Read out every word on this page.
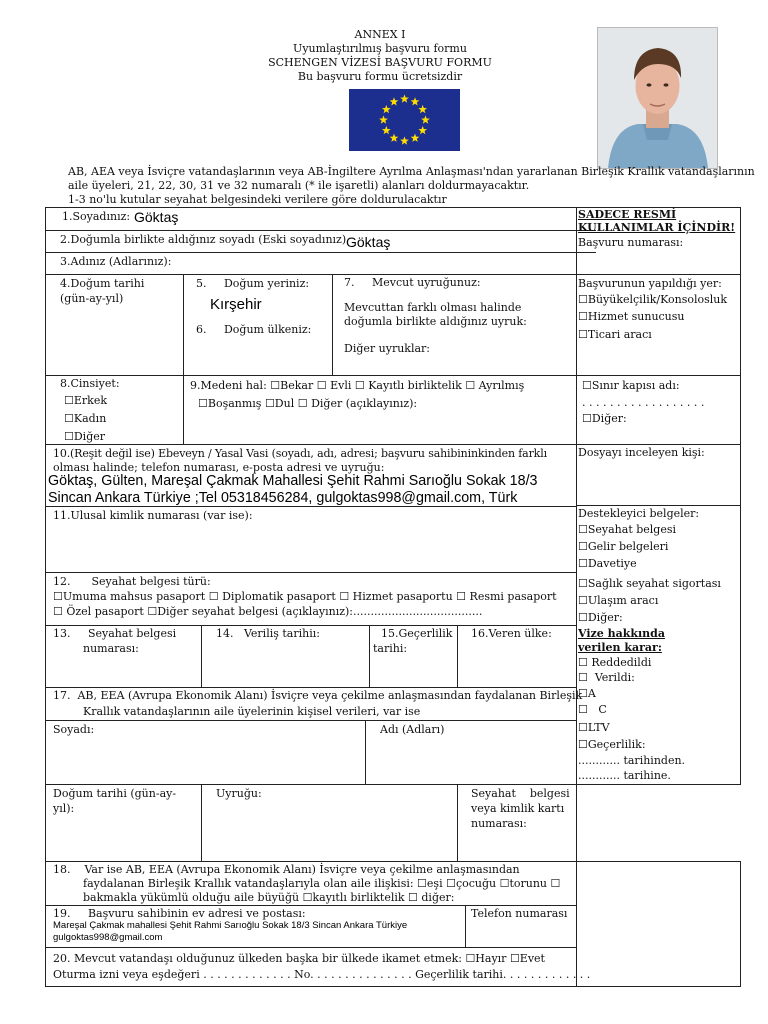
ANNEX I
Uyumlaştırılmış başvuru formu
SCHENGEN VİZESİ BAŞVURU FORMU
Bu başvuru formu ücretsizdir
AB, AEA veya İsviçre vatandaşlarının veya AB-İngiltere Ayrılma Anlaşması'ndan yararlanan Birleşik Krallık vatandaşlarının
aile üyeleri, 21, 22, 30, 31 ve 32 numaralı (* ile işaretli) alanları doldurmayacaktır.
1-3 no'lu kutular seyahat belgesindeki verilere göre doldurulacaktır
1.Soyadınız: Göktaş
2.Doğumla birlikte aldığınız soyadı (Eski soyadınız) Göktaş
3.Adınız (Adlarınız):
4.Doğum tarihi
(gün-ay-yıl)
5.     Doğum yeriniz:
Kırşehir
6.     Doğum ülkeniz:
7.     Mevcut uyruğunuz:
Mevcuttan farklı olması halinde
doğumla birlikte aldığınız uyruk:
Diğer uyruklar:
8.Cinsiyet:
☐Erkek
☐Kadın
☐Diğer
9.Medeni hal: ☐Bekar ☐ Evli ☐ Kayıtlı birliktelik ☐ Ayrılmış
☐Boşanmış ☐Dul ☐ Diğer (açıklayınız):
10.(Reşit değil ise) Ebeveyn / Yasal Vasi (soyadı, adı, adresi; başvuru sahibininkinden farklı
olması halinde; telefon numarası, e-posta adresi ve uyruğu:
Göktaş, Gülten, Mareşal Çakmak Mahallesi Şehit Rahmi Sarıoğlu Sokak 18/3
Sincan Ankara Türkiye ;Tel 05318456284, gulgoktas998@gmail.com, Türk
11.Ulusal kimlik numarası (var ise):
12.      Seyahat belgesi türü:
☐Umuma mahsus pasaport ☐ Diplomatik pasaport ☐ Hizmet pasaportu ☐ Resmi pasaport
☐ Özel pasaport ☐Diğer seyahat belgesi (açıklayınız):.....................................
13.     Seyahat belgesi
numarası:
14.   Veriliş tarihiı:	15.Geçerlilik
tarihi:
16.Veren ülke:
17.  AB, EEA (Avrupa Ekonomik Alanı) İsviçre veya çekilme anlaşmasından faydalanan Birleşik
Krallık vatandaşlarının aile üyelerinin kişisel verileri, var ise
Soyadı:	Adı (Adları)
Doğum tarihi (gün-ay-
yıl):
Uyruğu:	Seyahat    belgesi
veya kimlik kartı
numarası:
18.    Var ise AB, EEA (Avrupa Ekonomik Alanı) İsviçre veya çekilme anlaşmasından
faydalanan Birleşik Krallık vatandaşlarıyla olan aile ilişkisi: ☐eşi ☐çocuğu ☐torunu ☐
bakmakla yükümlü olduğu aile büyüğü ☐kayıtlı birliktelik ☐ diğer:
19.     Başvuru sahibinin ev adresi ve postası:
Mareşal Çakmak mahallesi Şehit Rahmi Sarıoğlu Sokak 18/3 Sincan Ankara Türkiye
gulgoktas998@gmail.com
Telefon numarası
20. Mevcut vatandaşı olduğunuz ülkeden başka bir ülkede ikamet etmek: ☐Hayır ☐Evet
Oturma izni veya eşdeğeri . . . . . . . . . . . . . No. . . . . . . . . . . . . . . Geçerlilik tarihi. . . . . . . . . . . . .
SADECE RESMİ
KULLANIMLAR İÇİNDİR!
Başvuru numarası:
Başvurunun yapıldığı yer:
☐Büyükelçilik/Konsolosluk
☐Hizmet sunucusu
☐Ticari aracı
☐Sınır kapısı adı:
. . . . . . . . . . . . . . . . . .
☐Diğer:
Dosyayı inceleyen kişi:
Destekleyici belgeler:
☐Seyahat belgesi
☐Gelir belgeleri
☐Davetiye
☐Sağlık seyahat sigortası
☐Ulaşım aracı
☐Diğer:
Vize hakkında
verilen karar:
☐ Reddedildi
☐  Verildi:
☐A
☐   C
☐LTV
☐Geçerlilik:
............ tarihinden.
............ tarihine.
